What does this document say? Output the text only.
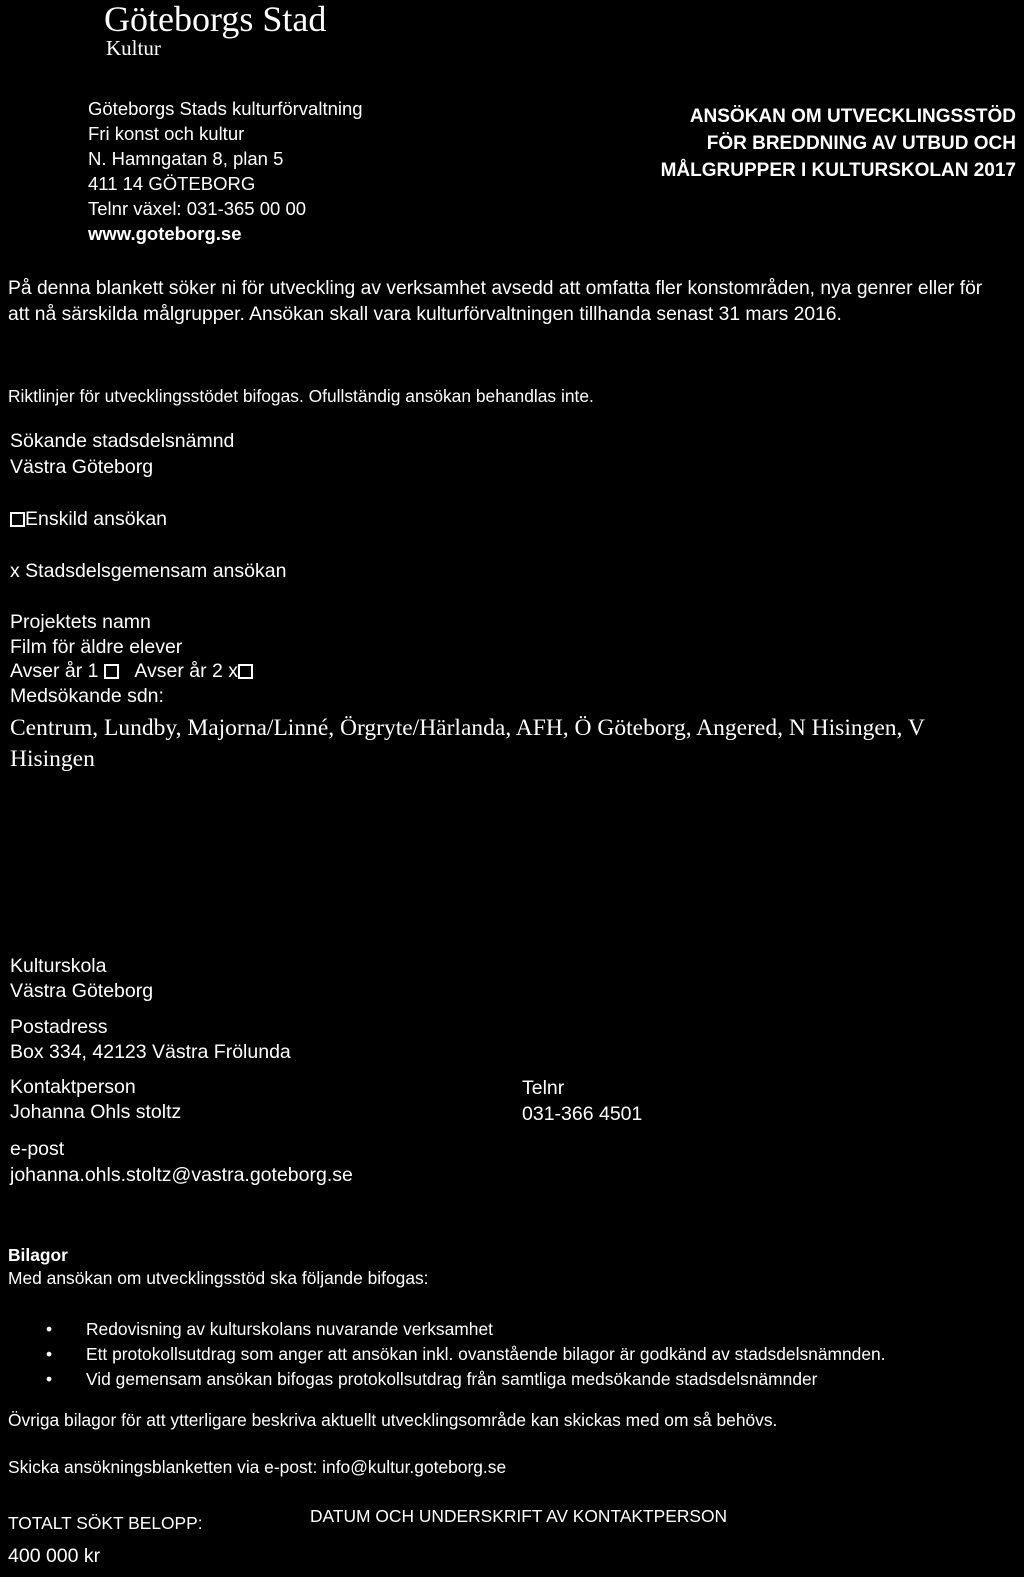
Göteborgs Stad
Kultur
Göteborgs Stads kulturförvaltning
Fri konst och kultur
N. Hamngatan 8, plan 5
411 14 GÖTEBORG
Telnr växel: 031-365 00 00
www.goteborg.se
ANSÖKAN OM UTVECKLINGSSTÖD
FÖR BREDDNING AV UTBUD OCH
MÅLGRUPPER I KULTURSKOLAN 2017
På denna blankett söker ni för utveckling av verksamhet avsedd att omfatta fler konstområden, nya genrer eller för att nå särskilda målgrupper. Ansökan skall vara kulturförvaltningen tillhanda senast 31 mars 2016.
Riktlinjer för utvecklingsstödet bifogas. Ofullständig ansökan behandlas inte.
Sökande stadsdelsnämnd
Västra Göteborg
Enskild ansökan
x Stadsdelsgemensam ansökan
Projektets namn
Film för äldre elever
Avser år 1 Avser år 2 x
Medsökande sdn:
Centrum, Lundby, Majorna/Linné, Örgryte/Härlanda, AFH, Ö Göteborg, Angered, N Hisingen, V Hisingen
Kulturskola
Västra Göteborg
Postadress
Box 334, 42123 Västra Frölunda
Kontaktperson
Johanna Ohls stoltz
Telnr
031-366 4501
e-post
johanna.ohls.stoltz@vastra.goteborg.se
Bilagor
Med ansökan om utvecklingsstöd ska följande bifogas:
• Redovisning av kulturskolans nuvarande verksamhet
• Ett protokollsutdrag som anger att ansökan inkl. ovanstående bilagor är godkänd av stadsdelsnämnden.
• Vid gemensam ansökan bifogas protokollsutdrag från samtliga medsökande stadsdelsnämnder
Övriga bilagor för att ytterligare beskriva aktuellt utvecklingsområde kan skickas med om så behövs.
Skicka ansökningsblanketten via e-post: info@kultur.goteborg.se
TOTALT SÖKT BELOPP:
400 000 kr
DATUM OCH UNDERSKRIFT AV KONTAKTPERSON
